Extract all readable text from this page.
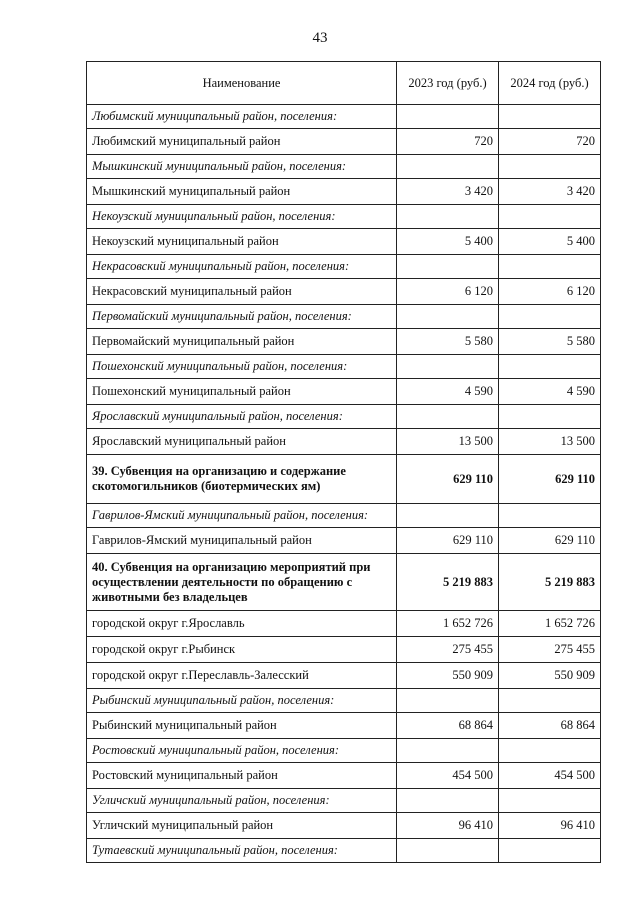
43
Наименование	2023 год (руб.)	2024 год (руб.)
Любимский муниципальный район, поселения:		
Любимский муниципальный район	720	720
Мышкинский муниципальный район, поселения:		
Мышкинский муниципальный район	3 420	3 420
Некоузский муниципальный район, поселения:		
Некоузский муниципальный район	5 400	5 400
Некрасовский муниципальный район, поселения:		
Некрасовский муниципальный район	6 120	6 120
Первомайский муниципальный район, поселения:		
Первомайский муниципальный район	5 580	5 580
Пошехонский муниципальный район, поселения:		
Пошехонский муниципальный район	4 590	4 590
Ярославский муниципальный район, поселения:		
Ярославский муниципальный район	13 500	13 500
39. Субвенция на организацию и содержание скотомогильников (биотермических ям)	629 110	629 110
Гаврилов-Ямский муниципальный район, поселения:		
Гаврилов-Ямский муниципальный район	629 110	629 110
40. Субвенция на организацию мероприятий при осуществлении деятельности по обращению с животными без владельцев	5 219 883	5 219 883
городской округ г.Ярославль	1 652 726	1 652 726
городской округ г.Рыбинск	275 455	275 455
городской округ г.Переславль-Залесский	550 909	550 909
Рыбинский муниципальный район, поселения:		
Рыбинский муниципальный район	68 864	68 864
Ростовский муниципальный район, поселения:		
Ростовский муниципальный район	454 500	454 500
Угличский муниципальный район, поселения:		
Угличский муниципальный район	96 410	96 410
Тутаевский муниципальный район, поселения:		
